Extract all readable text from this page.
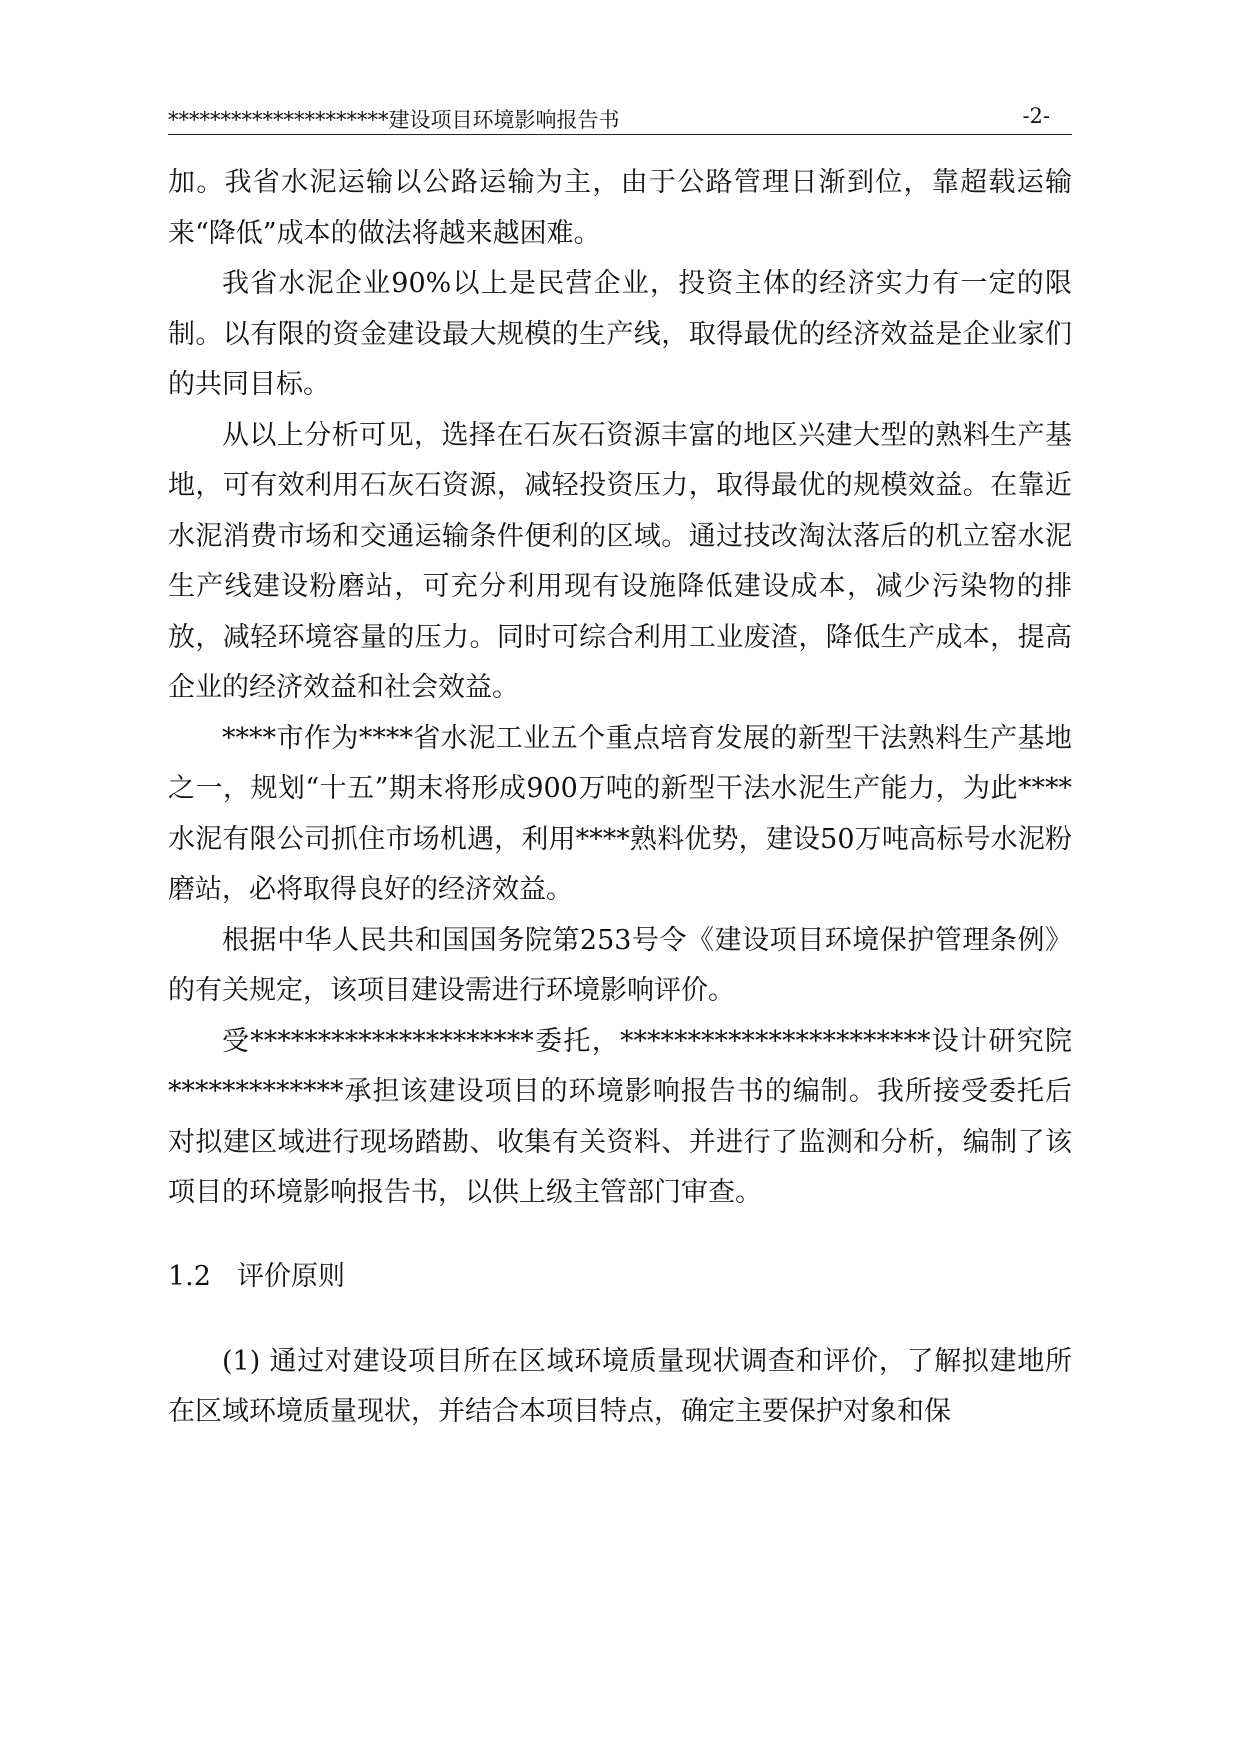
*********************建设项目环境影响报告书	-2-

加。我省水泥运输以公路运输为主，由于公路管理日渐到位，靠超载运输来“降低”成本的做法将越来越困难。

我省水泥企业90%以上是民营企业，投资主体的经济实力有一定的限制。以有限的资金建设最大规模的生产线，取得最优的经济效益是企业家们的共同目标。

从以上分析可见，选择在石灰石资源丰富的地区兴建大型的熟料生产基地，可有效利用石灰石资源，减轻投资压力，取得最优的规模效益。在靠近水泥消费市场和交通运输条件便利的区域。通过技改淘汰落后的机立窑水泥生产线建设粉磨站，可充分利用现有设施降低建设成本，减少污染物的排放，减轻环境容量的压力。同时可综合利用工业废渣，降低生产成本，提高企业的经济效益和社会效益。

****市作为****省水泥工业五个重点培育发展的新型干法熟料生产基地之一，规划“十五”期末将形成900万吨的新型干法水泥生产能力，为此****水泥有限公司抓住市场机遇，利用****熟料优势，建设50万吨高标号水泥粉磨站，必将取得良好的经济效益。

根据中华人民共和国国务院第253号令《建设项目环境保护管理条例》的有关规定，该项目建设需进行环境影响评价。

受*********************委托，***********************设计研究院*************承担该建设项目的环境影响报告书的编制。我所接受委托后对拟建区域进行现场踏勘、收集有关资料、并进行了监测和分析，编制了该项目的环境影响报告书，以供上级主管部门审查。

1.2 评价原则

(1) 通过对建设项目所在区域环境质量现状调查和评价，了解拟建地所在区域环境质量现状，并结合本项目特点，确定主要保护对象和保
